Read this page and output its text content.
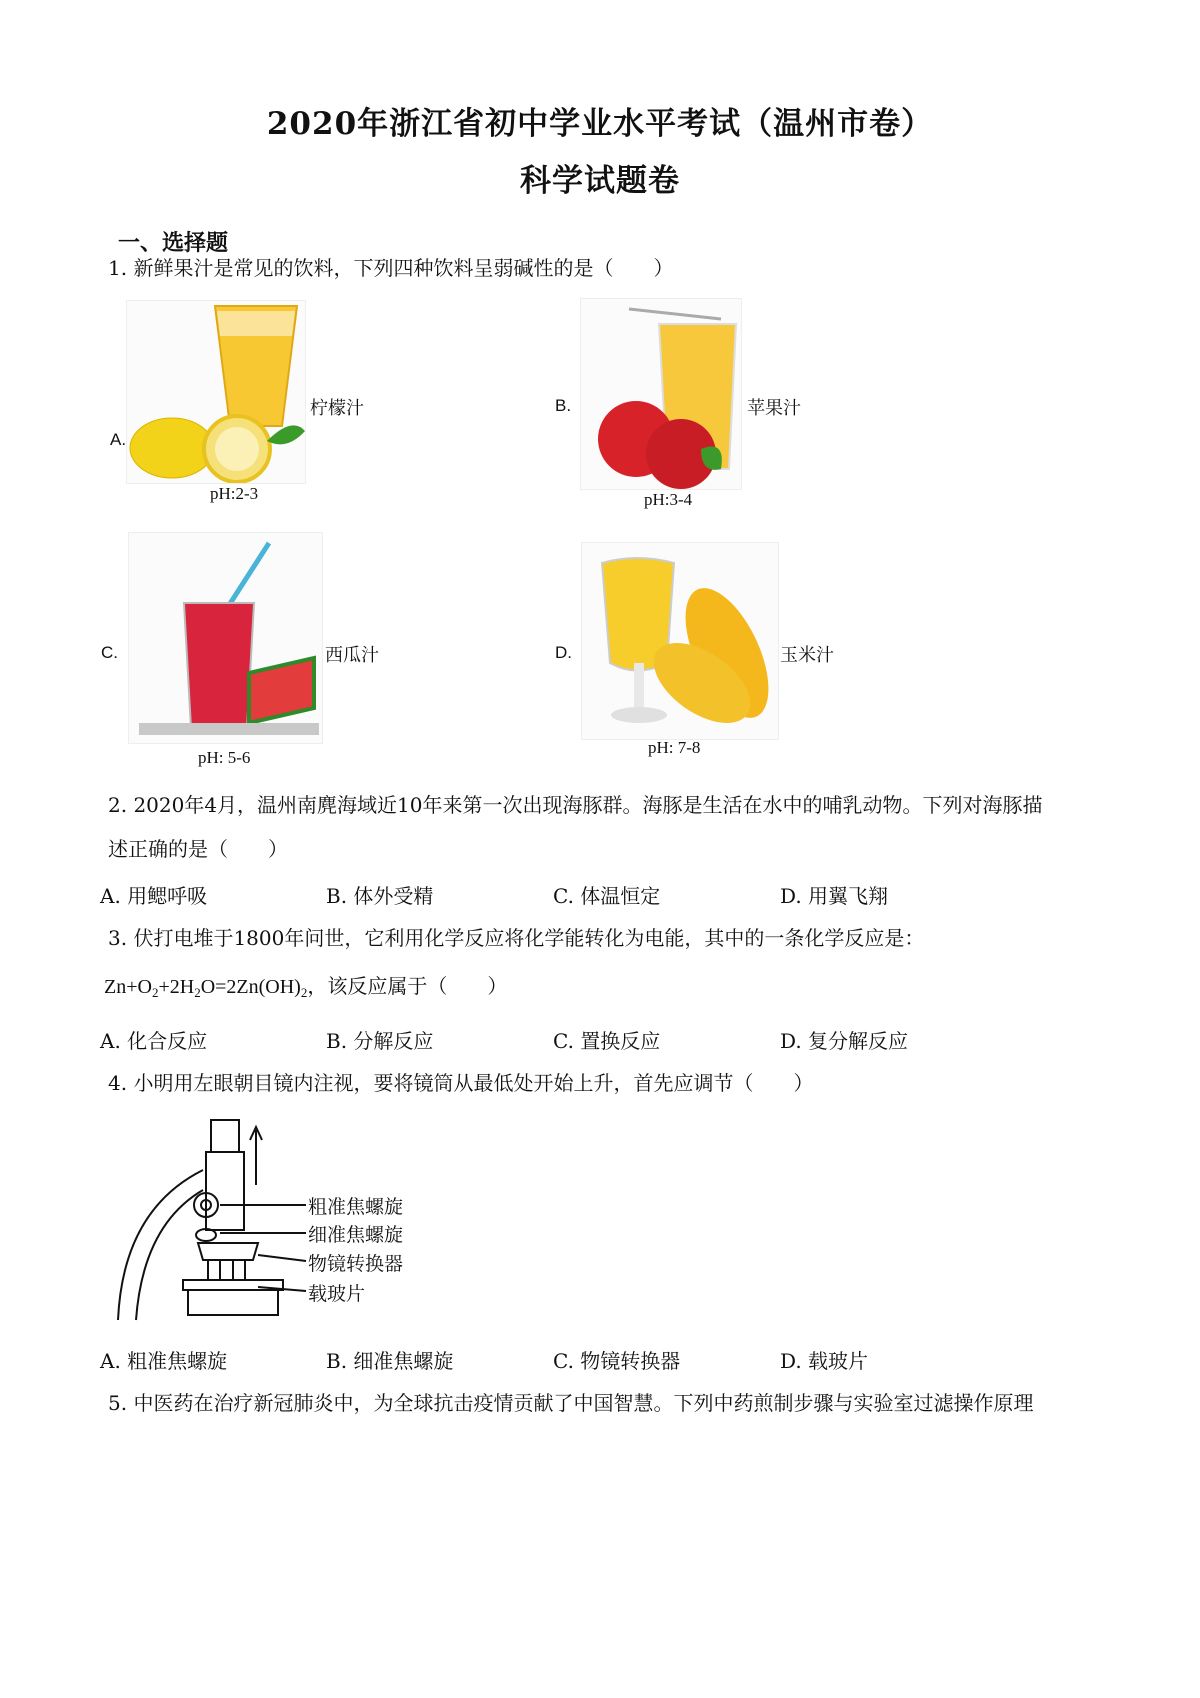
2020年浙江省初中学业水平考试（温州市卷）
科学试题卷
一、选择题
1. 新鲜果汁是常见的饮料，下列四种饮料呈弱碱性的是（　　）
A.
柠檬汁
pH:2-3
B.	苹果汁
pH:3-4
C.	西瓜汁
pH: 5-6
D.	玉米汁
pH: 7-8
2. 2020年4月，温州南麂海域近10年来第一次出现海豚群。海豚是生活在水中的哺乳动物。下列对海豚描
述正确的是（　　）
A. 用鳃呼吸	B. 体外受精	C. 体温恒定	D. 用翼飞翔
3. 伏打电堆于1800年问世，它利用化学反应将化学能转化为电能，其中的一条化学反应是：
$Zn+O_2+2H_2O=2Zn(OH)_2$，该反应属于（　　）
A. 化合反应	B. 分解反应	C. 置换反应	D. 复分解反应
4. 小明用左眼朝目镜内注视，要将镜筒从最低处开始上升，首先应调节（　　）
粗准焦螺旋
细准焦螺旋
物镜转换器
载玻片
A. 粗准焦螺旋	B. 细准焦螺旋	C. 物镜转换器	D. 载玻片
5. 中医药在治疗新冠肺炎中，为全球抗击疫情贡献了中国智慧。下列中药煎制步骤与实验室过滤操作原理
